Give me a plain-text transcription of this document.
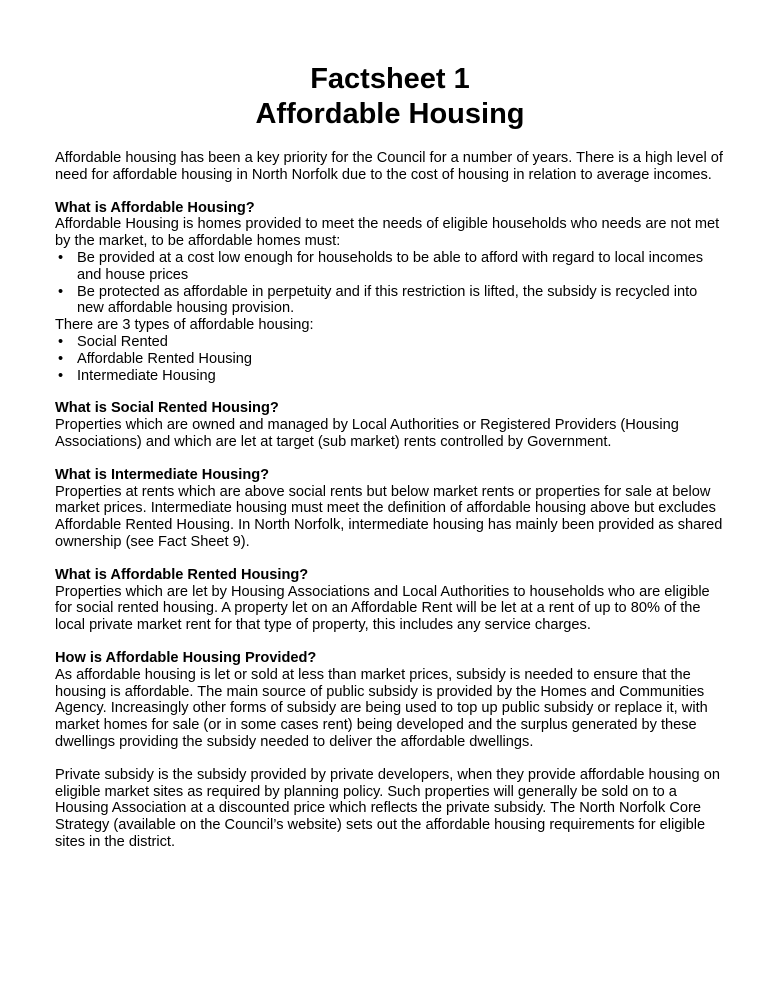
Factsheet 1
Affordable Housing

Affordable housing has been a key priority for the Council for a number of years. There is a high level of need for affordable housing in North Norfolk due to the cost of housing in relation to average incomes.

What is Affordable Housing?

Affordable Housing is homes provided to meet the needs of eligible households who needs are not met by the market, to be affordable homes must:

• Be provided at a cost low enough for households to be able to afford with regard to local incomes and house prices
• Be protected as affordable in perpetuity and if this restriction is lifted, the subsidy is recycled into new affordable housing provision.

There are 3 types of affordable housing:

• Social Rented
• Affordable Rented Housing
• Intermediate Housing
What is Social Rented Housing?

Properties which are owned and managed by Local Authorities or Registered Providers (Housing Associations) and which are let at target (sub market) rents controlled by Government.

What is Intermediate Housing?

Properties at rents which are above social rents but below market rents or properties for sale at below market prices. Intermediate housing must meet the definition of affordable housing above but excludes Affordable Rented Housing. In North Norfolk, intermediate housing has mainly been provided as shared ownership (see Fact Sheet 9).

What is Affordable Rented Housing?

Properties which are let by Housing Associations and Local Authorities to households who are eligible for social rented housing. A property let on an Affordable Rent will be let at a rent of up to 80% of the local private market rent for that type of property, this includes any service charges.

How is Affordable Housing Provided?

As affordable housing is let or sold at less than market prices, subsidy is needed to ensure that the housing is affordable. The main source of public subsidy is provided by the Homes and Communities Agency. Increasingly other forms of subsidy are being used to top up public subsidy or replace it, with market homes for sale (or in some cases rent) being developed and the surplus generated by these dwellings providing the subsidy needed to deliver the affordable dwellings.

Private subsidy is the subsidy provided by private developers, when they provide affordable housing on eligible market sites as required by planning policy. Such properties will generally be sold on to a Housing Association at a discounted price which reflects the private subsidy. The North Norfolk Core Strategy (available on the Council’s website) sets out the affordable housing requirements for eligible sites in the district.
